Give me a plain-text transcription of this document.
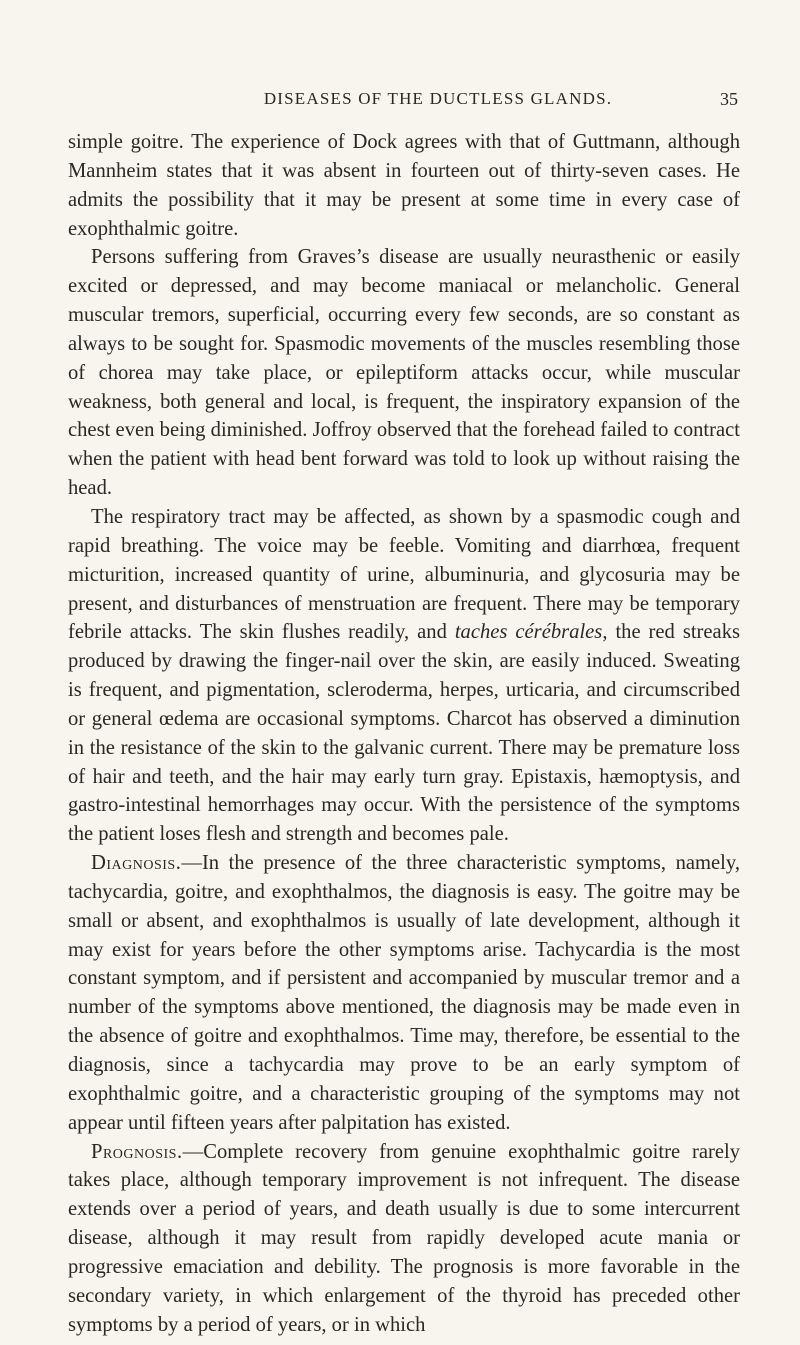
DISEASES OF THE DUCTLESS GLANDS.	35

simple goitre. The experience of Dock agrees with that of Guttmann, although Mannheim states that it was absent in fourteen out of thirty-seven cases. He admits the possibility that it may be present at some time in every case of exophthalmic goitre.

Persons suffering from Graves’s disease are usually neurasthenic or easily excited or depressed, and may become maniacal or melancholic. General muscular tremors, superficial, occurring every few seconds, are so constant as always to be sought for. Spasmodic movements of the muscles resembling those of chorea may take place, or epileptiform attacks occur, while muscular weakness, both general and local, is frequent, the inspiratory expansion of the chest even being diminished. Joffroy observed that the forehead failed to contract when the patient with head bent forward was told to look up without raising the head.

The respiratory tract may be affected, as shown by a spasmodic cough and rapid breathing. The voice may be feeble. Vomiting and diarrhœa, frequent micturition, increased quantity of urine, albuminuria, and glycosuria may be present, and disturbances of menstruation are frequent. There may be temporary febrile attacks. The skin flushes readily, and taches cérébrales, the red streaks produced by drawing the finger-nail over the skin, are easily induced. Sweating is frequent, and pigmentation, scleroderma, herpes, urticaria, and circumscribed or general œdema are occasional symptoms. Charcot has observed a diminution in the resistance of the skin to the galvanic current. There may be premature loss of hair and teeth, and the hair may early turn gray. Epistaxis, hæmoptysis, and gastro-intestinal hemorrhages may occur. With the persistence of the symptoms the patient loses flesh and strength and becomes pale.

Diagnosis.—In the presence of the three characteristic symptoms, namely, tachycardia, goitre, and exophthalmos, the diagnosis is easy. The goitre may be small or absent, and exophthalmos is usually of late development, although it may exist for years before the other symptoms arise. Tachycardia is the most constant symptom, and if persistent and accompanied by muscular tremor and a number of the symptoms above mentioned, the diagnosis may be made even in the absence of goitre and exophthalmos. Time may, therefore, be essential to the diagnosis, since a tachycardia may prove to be an early symptom of exophthalmic goitre, and a characteristic grouping of the symptoms may not appear until fifteen years after palpitation has existed.

Prognosis.—Complete recovery from genuine exophthalmic goitre rarely takes place, although temporary improvement is not infrequent. The disease extends over a period of years, and death usually is due to some intercurrent disease, although it may result from rapidly developed acute mania or progressive emaciation and debility. The prognosis is more favorable in the secondary variety, in which enlargement of the thyroid has preceded other symptoms by a period of years, or in which
